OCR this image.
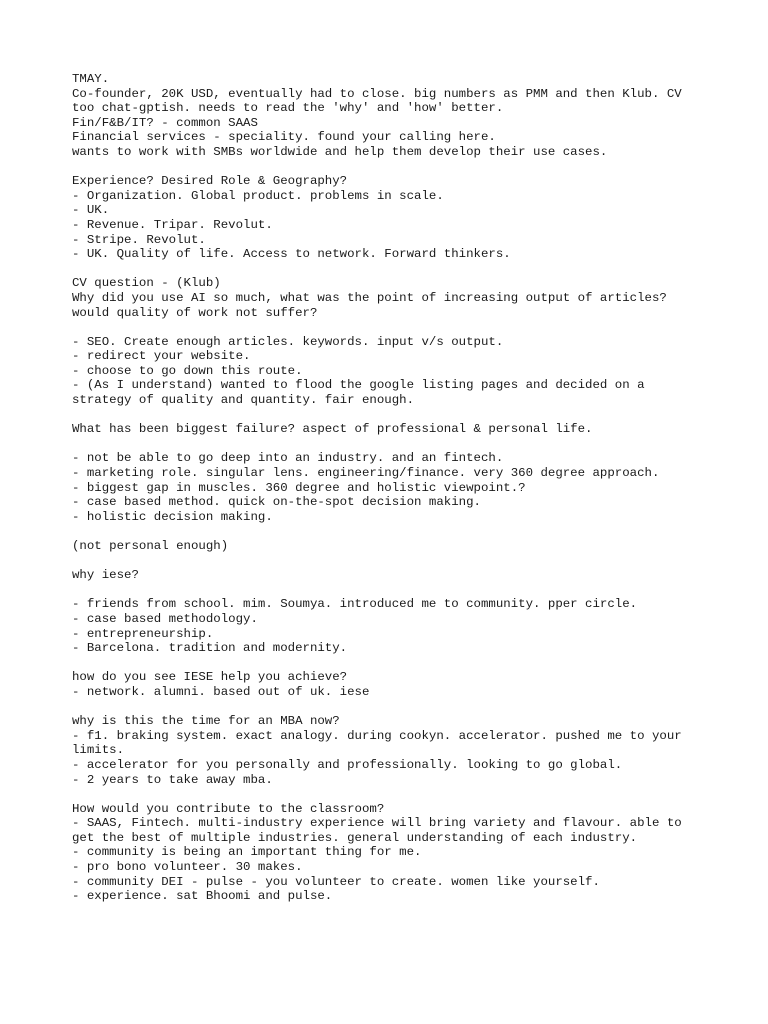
TMAY.
Co-founder, 20K USD, eventually had to close. big numbers as PMM and then Klub. CV
too chat-gptish. needs to read the 'why' and 'how' better.
Fin/F&B/IT? - common SAAS
Financial services - speciality. found your calling here.
wants to work with SMBs worldwide and help them develop their use cases.
Experience? Desired Role & Geography?
- Organization. Global product. problems in scale.
- UK.
- Revenue. Tripar. Revolut.
- Stripe. Revolut.
- UK. Quality of life. Access to network. Forward thinkers.
CV question - (Klub)
Why did you use AI so much, what was the point of increasing output of articles?
would quality of work not suffer?
- SEO. Create enough articles. keywords. input v/s output.
- redirect your website.
- choose to go down this route.
- (As I understand) wanted to flood the google listing pages and decided on a
strategy of quality and quantity. fair enough.
What has been biggest failure? aspect of professional & personal life.
- not be able to go deep into an industry. and an fintech.
- marketing role. singular lens. engineering/finance. very 360 degree approach.
- biggest gap in muscles. 360 degree and holistic viewpoint.?
- case based method. quick on-the-spot decision making.
- holistic decision making.
(not personal enough)
why iese?
- friends from school. mim. Soumya. introduced me to community. pper circle.
- case based methodology.
- entrepreneurship.
- Barcelona. tradition and modernity.
how do you see IESE help you achieve?
- network. alumni. based out of uk. iese
why is this the time for an MBA now?
- f1. braking system. exact analogy. during cookyn. accelerator. pushed me to your
limits.
- accelerator for you personally and professionally. looking to go global.
- 2 years to take away mba.
How would you contribute to the classroom?
- SAAS, Fintech. multi-industry experience will bring variety and flavour. able to
get the best of multiple industries. general understanding of each industry.
- community is being an important thing for me.
- pro bono volunteer. 30 makes.
- community DEI - pulse - you volunteer to create. women like yourself.
- experience. sat Bhoomi and pulse.
